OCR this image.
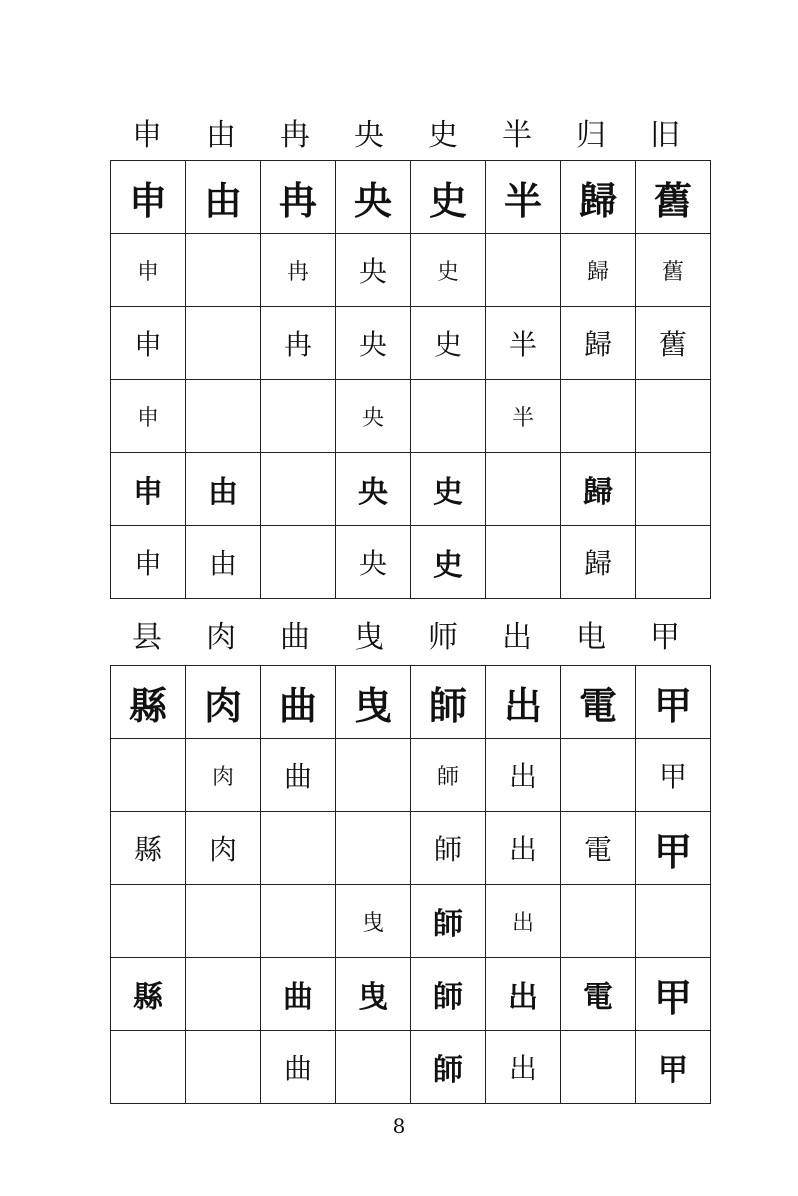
申	由	冉	央	史	半	归	旧
申	由	冉	央	史	半	歸	舊
申		冉	央	史		歸	舊
申		冉	央	史	半	歸	舊
申			央		半		
申	由		央	史		歸	
申	由		央	史		歸	
县	肉	曲	曳	师	出	电	甲
縣	肉	曲	曳	師	出	電	甲
	肉	曲		師	出		甲
縣	肉			師	出	電	甲
			曳	師	出		
縣		曲	曳	師	出	電	甲
		曲		師	出		甲
8
